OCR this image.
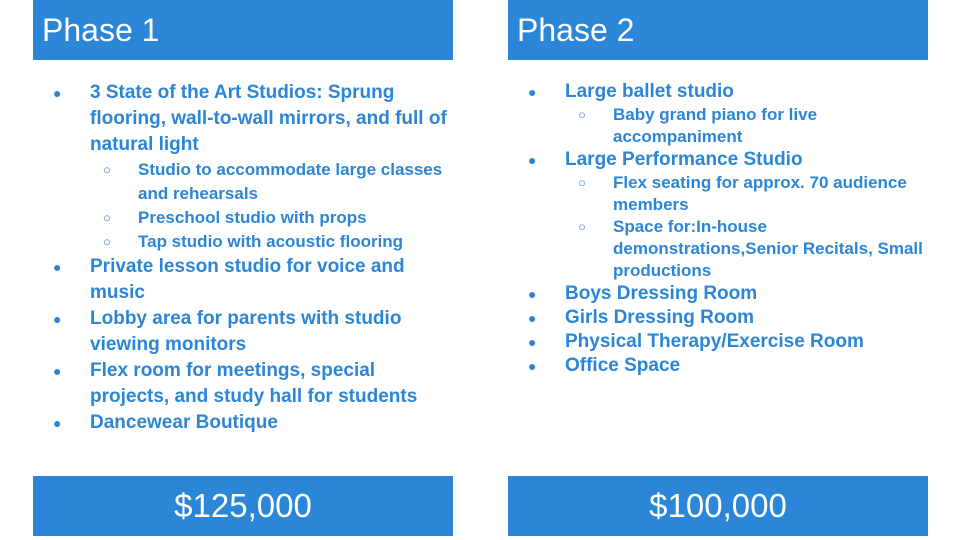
Phase 1	Phase 2
● 3 State of the Art Studios: Sprung flooring, wall-to-wall mirrors, and full of natural light
○ Studio to accommodate large classes and rehearsals
○ Preschool studio with props
○ Tap studio with acoustic flooring
● Private lesson studio for voice and music
● Lobby area for parents with studio viewing monitors
● Flex room for meetings, special projects, and study hall for students
● Dancewear Boutique
● Large ballet studio
○ Baby grand piano for live accompaniment
● Large Performance Studio
○ Flex seating for approx. 70 audience members
○ Space for:In-house demonstrations,Senior Recitals, Small productions
● Boys Dressing Room
● Girls Dressing Room
● Physical Therapy/Exercise Room
● Office Space
$125,000	$100,000
